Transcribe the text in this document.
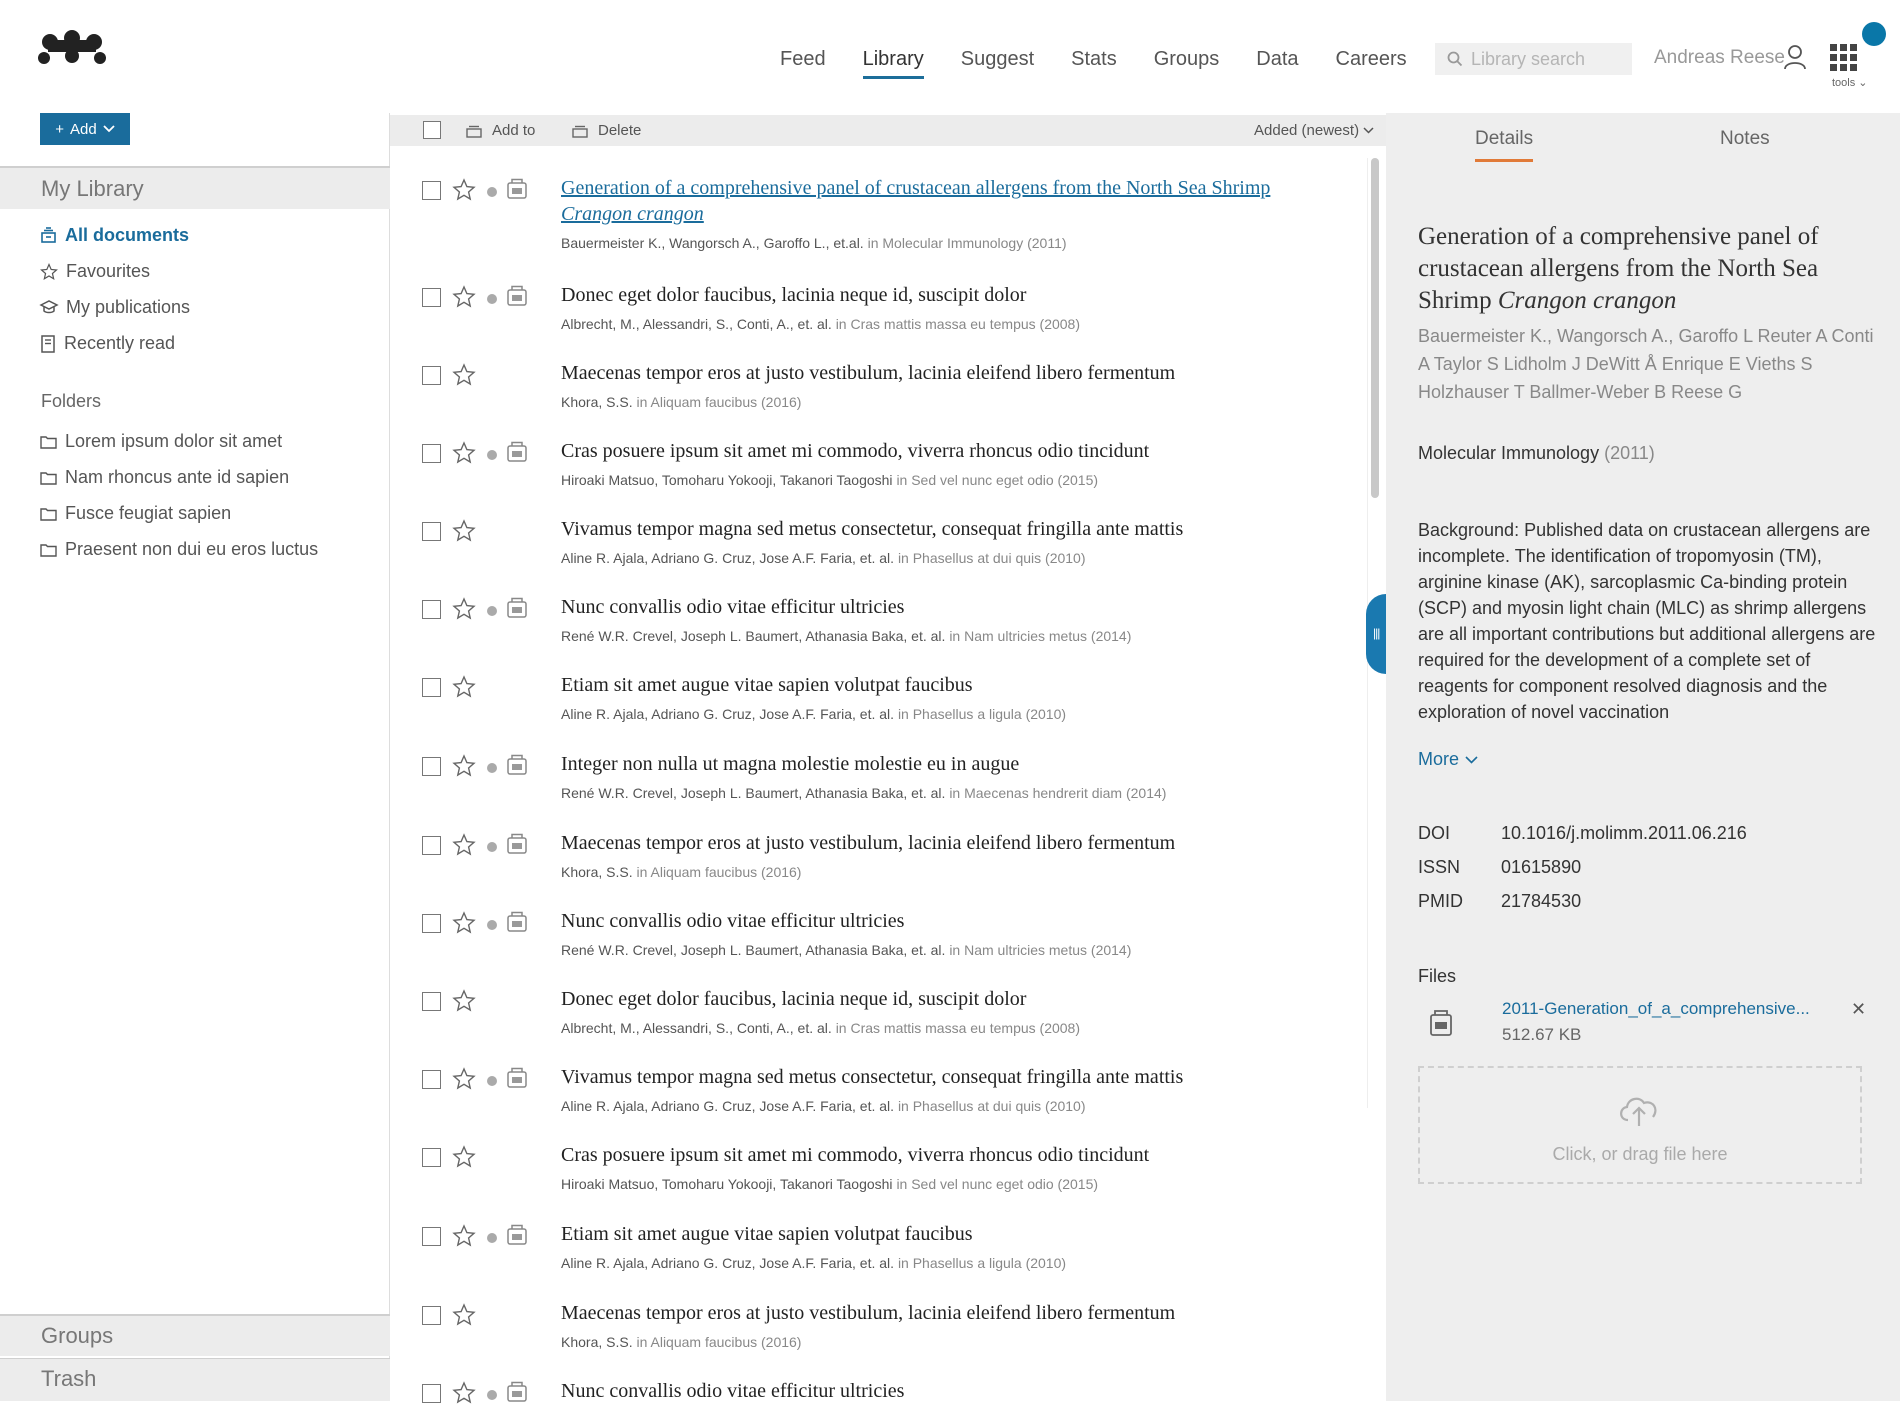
Feed Library Suggest Stats Groups Data Careers
Library search	Andreas Reese
tools ⌄
+ Add
My Library
All documents
Favourites
My publications
Recently read
Folders
Lorem ipsum dolor sit amet
Nam rhoncus ante id sapien
Fusce feugiat sapien
Praesent non dui eu eros luctus
Groups
Trash
Add to	Delete	Added (newest)
Generation of a comprehensive panel of crustacean allergens from the North Sea Shrimp Crangon crangon
Bauermeister K., Wangorsch A., Garoffo L., et.al. in Molecular Immunology (2011)
Donec eget dolor faucibus, lacinia neque id, suscipit dolor
Albrecht, M., Alessandri, S., Conti, A., et. al. in Cras mattis massa eu tempus (2008)
Maecenas tempor eros at justo vestibulum, lacinia eleifend libero fermentum
Khora, S.S. in Aliquam faucibus (2016)
Cras posuere ipsum sit amet mi commodo, viverra rhoncus odio tincidunt
Hiroaki Matsuo, Tomoharu Yokooji, Takanori Taogoshi in Sed vel nunc eget odio (2015)
Vivamus tempor magna sed metus consectetur, consequat fringilla ante mattis
Aline R. Ajala, Adriano G. Cruz, Jose A.F. Faria, et. al. in Phasellus at dui quis (2010)
Nunc convallis odio vitae efficitur ultricies
René W.R. Crevel, Joseph L. Baumert, Athanasia Baka, et. al. in Nam ultricies metus (2014)
Etiam sit amet augue vitae sapien volutpat faucibus
Aline R. Ajala, Adriano G. Cruz, Jose A.F. Faria, et. al. in Phasellus a ligula (2010)
Integer non nulla ut magna molestie molestie eu in augue
René W.R. Crevel, Joseph L. Baumert, Athanasia Baka, et. al. in Maecenas hendrerit diam (2014)
Maecenas tempor eros at justo vestibulum, lacinia eleifend libero fermentum
Khora, S.S. in Aliquam faucibus (2016)
Nunc convallis odio vitae efficitur ultricies
René W.R. Crevel, Joseph L. Baumert, Athanasia Baka, et. al. in Nam ultricies metus (2014)
Donec eget dolor faucibus, lacinia neque id, suscipit dolor
Albrecht, M., Alessandri, S., Conti, A., et. al. in Cras mattis massa eu tempus (2008)
Vivamus tempor magna sed metus consectetur, consequat fringilla ante mattis
Aline R. Ajala, Adriano G. Cruz, Jose A.F. Faria, et. al. in Phasellus at dui quis (2010)
Cras posuere ipsum sit amet mi commodo, viverra rhoncus odio tincidunt
Hiroaki Matsuo, Tomoharu Yokooji, Takanori Taogoshi in Sed vel nunc eget odio (2015)
Etiam sit amet augue vitae sapien volutpat faucibus
Aline R. Ajala, Adriano G. Cruz, Jose A.F. Faria, et. al. in Phasellus a ligula (2010)
Maecenas tempor eros at justo vestibulum, lacinia eleifend libero fermentum
Khora, S.S. in Aliquam faucibus (2016)
Nunc convallis odio vitae efficitur ultricies
Details	Notes
Generation of a comprehensive panel of crustacean allergens from the North Sea Shrimp Crangon crangon
Bauermeister K., Wangorsch A., Garoffo L Reuter A Conti A Taylor S Lidholm J DeWitt Å Enrique E Vieths S Holzhauser T Ballmer-Weber B Reese G
Molecular Immunology (2011)
Background: Published data on crustacean allergens are incomplete. The identification of tropomyosin (TM), arginine kinase (AK), sarcoplasmic Ca-binding protein (SCP) and myosin light chain (MLC) as shrimp allergens are all important contributions but additional allergens are required for the development of a complete set of reagents for component resolved diagnosis and the exploration of novel vaccination
More
DOI	10.1016/j.molimm.2011.06.216
ISSN 01615890
PMID 21784530
Files
2011-Generation_of_a_comprehensive...
512.67 KB
✕
Click, or drag file here
|||
